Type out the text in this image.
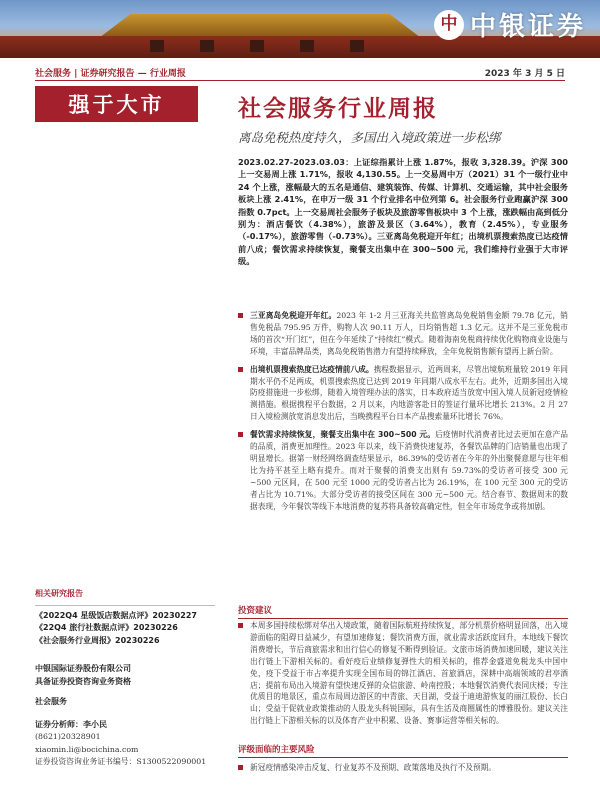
中 中银证券
社会服务 | 证券研究报告 — 行业周报	2023 年 3 月 5 日
强于大市	社会服务行业周报
离岛免税热度持久，多国出入境政策进一步松绑
2023.02.27-2023.03.03：上证综指累计上涨 1.87%，报收 3,328.39。沪深 300 上一交易周上涨 1.71%，报收 4,130.55。上一交易周中万（2021）31 个一级行业中 24 个上涨，涨幅最大的五名是通信、建筑装饰、传媒、计算机、交通运输，其中社会服务板块上涨 2.41%，在申万一级 31 个行业排名中位列第 6。社会服务行业跑赢沪深 300 指数 0.7pct。上一交易周社会服务子板块及旅游零售板块中 3 个上涨，涨跌幅由高到低分别为：酒店餐饮（4.38%），旅游及景区（3.64%），教育（2.45%），专业服务（-0.17%），旅游零售（-0.73%）。三亚离岛免税迎开年红；出境机票搜索热度已达疫情前八成；餐饮需求持续恢复，聚餐支出集中在 300~500 元，我们维持行业强于大市评级。
三亚离岛免税迎开年红。2023 年 1-2 月三亚海关共监管离岛免税销售金额 79.78 亿元，销售免税品 795.95 万件，购物人次 90.11 万人，日均销售超 1.3 亿元。这并不是三亚免税市场的首次“开门红”，但在今年延续了“持续红”模式。随着海南免税商持续优化购物商业设施与环境，丰富品牌品类，离岛免税销售潜力有望持续释放，全年免税销售额有望再上新台阶。
出境机票搜索热度已达疫情前八成。携程数据显示，近两周来，尽管出境航班量较 2019 年同期水平仍不足两成，机票搜索热度已达到 2019 年同期八成水平左右。此外，近期多国出入境防疫措施进一步松绑，随着入境管理办法的落实，日本政府适当放宽中国入境人员新冠疫情检测措施。根据携程平台数据，2 月以来，内地游客赴日的签证行量环比增长 213%。2 月 27 日入境检测放宽消息发出后，当晚携程平台日本产品搜索量环比增长 76%。
餐饮需求持续恢复，聚餐支出集中在 300~500 元。后疫情时代消费者比过去更加在意产品的品质，消费更加理性。2023 年以来，线下消费快速复苏，各餐饮品牌的门店销量也出现了明显增长。据第一财经网络调查结果显示，86.39%的受访者在今年的外出聚餐意愿与往年相比为持平甚至上略有提升。而对于聚餐的消费支出则有 59.73%的受访者可接受 300 元~500 元区间，在 500 元至 1000 元的受访者占比为 26.19%，在 100 元至 300 元的受访者占比为 10.71%。大部分受访者的接受区间在 300 元~500 元。结合春节、数据周末的数据表现，今年餐饮等线下本地消费的复苏将具备较高确定性，但全年市场竞争或将加剧。
投资建议
本周多国持续松绑对华出入境政策，随着国际航班持续恢复，部分机票价格明显回落，出入境游面临的阻碍日益减少，有望加速修复；餐饮消费方面，就业需求活跃度回升，本地线下餐饮消费增长，节后商旅需求和出行信心的修复不断得到验证。文旅市场消费加速回暖，建议关注出行链上下游相关标的。看好疫后业绩修复弹性大的相关标的，推荐金盛道免税龙头中国中免，疫下受益于市占率提升实现全国布局的锦江酒店、首旅酒店，深耕中高端领域的君亭酒店；提前布局出入境游有望快速反弹的众信旅游、岭南控股；本地餐饮消费代表同庆楼；专注优质目的地景区，重点布局周边游区的中青旅、天目湖，受益于迪迪游恢复的丽江股份、长白山；受益于促就业政策推动的人股龙头科锐国际，具有生活及商圈属性的博雅股份。建议关注出行链上下游相关标的以及体育产业中积累、设备、赛事运营等相关标的。
评级面临的主要风险
新冠疫情感染冲击反复、行业复苏不及预期、政策落地及执行不及预期。
相关研究报告
《2022Q4 星级饭店数据点评》20230227
《22Q4 旅行社数据点评》20230226
《社会服务行业周报》20230226
中银国际证券股份有限公司
具备证券投资咨询业务资格
社会服务
证券分析师：李小民
(8621)20328901
xiaomin.li@bocichina.com
证券投资咨询业务证书编号：S1300522090001
